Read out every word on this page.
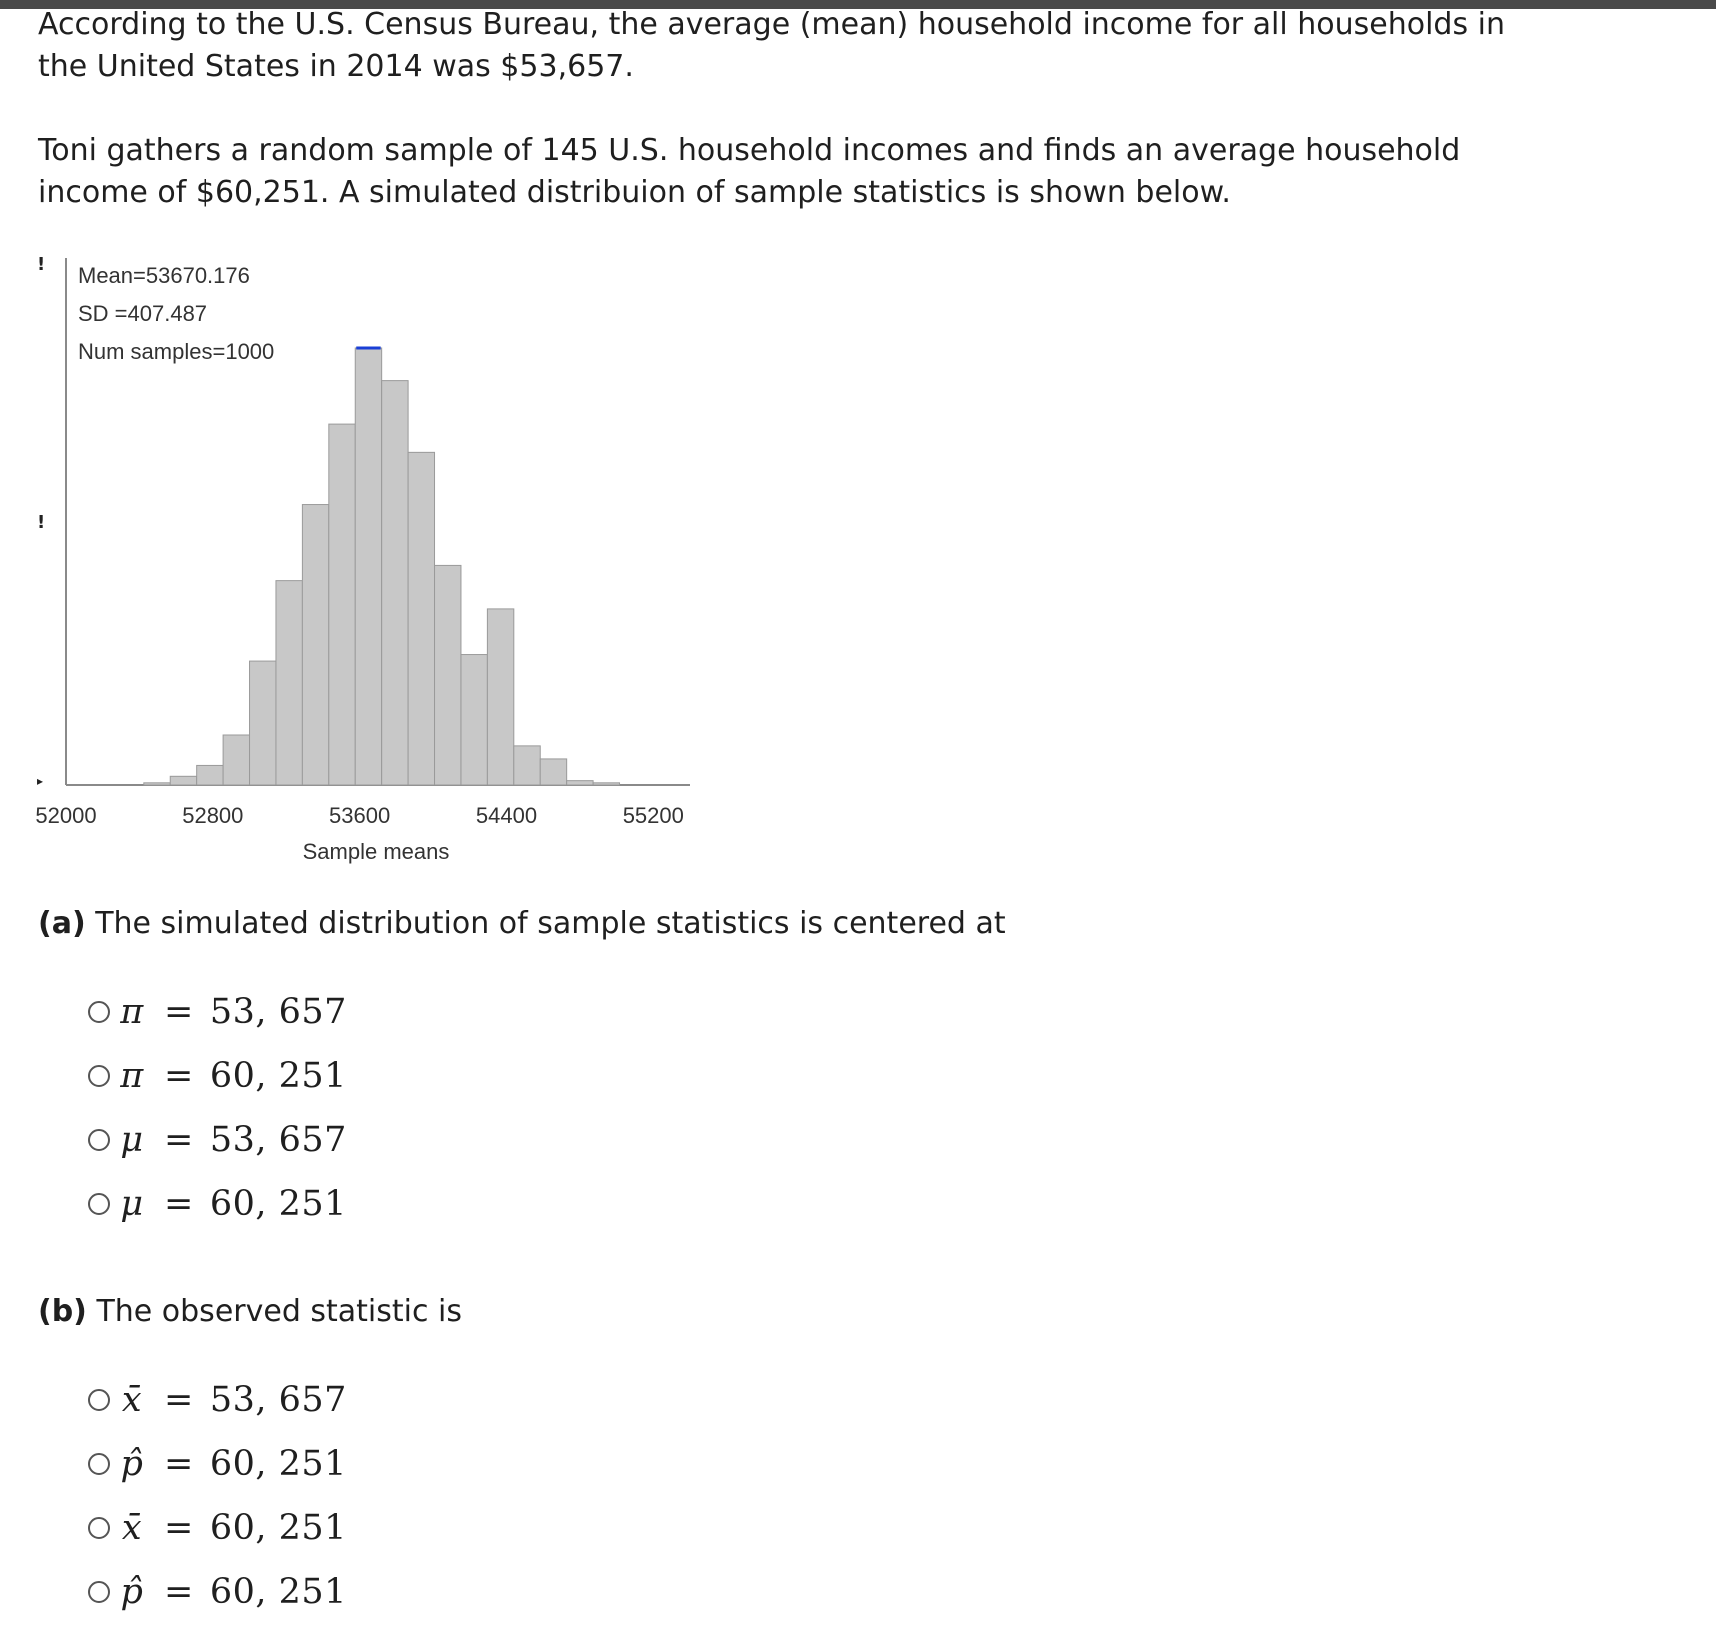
According to the U.S. Census Bureau, the average (mean) household income for all households in the United States in 2014 was $53,657.

Toni gathers a random sample of 145 U.S. household incomes and finds an average household income of $60,251. A simulated distribuion of sample statistics is shown below.

!
!
▸
Mean=53670.176
SD =407.487
Num samples=1000
52000	52800	53600	54400	55200
Sample means
(a) The simulated distribution of sample statistics is centered at
π = 53, 657
π = 60, 251
μ = 53, 657
μ = 60, 251
(b) The observed statistic is
x̄ = 53, 657
p̂ = 60, 251
x̄ = 60, 251
p̂ = 60, 251
